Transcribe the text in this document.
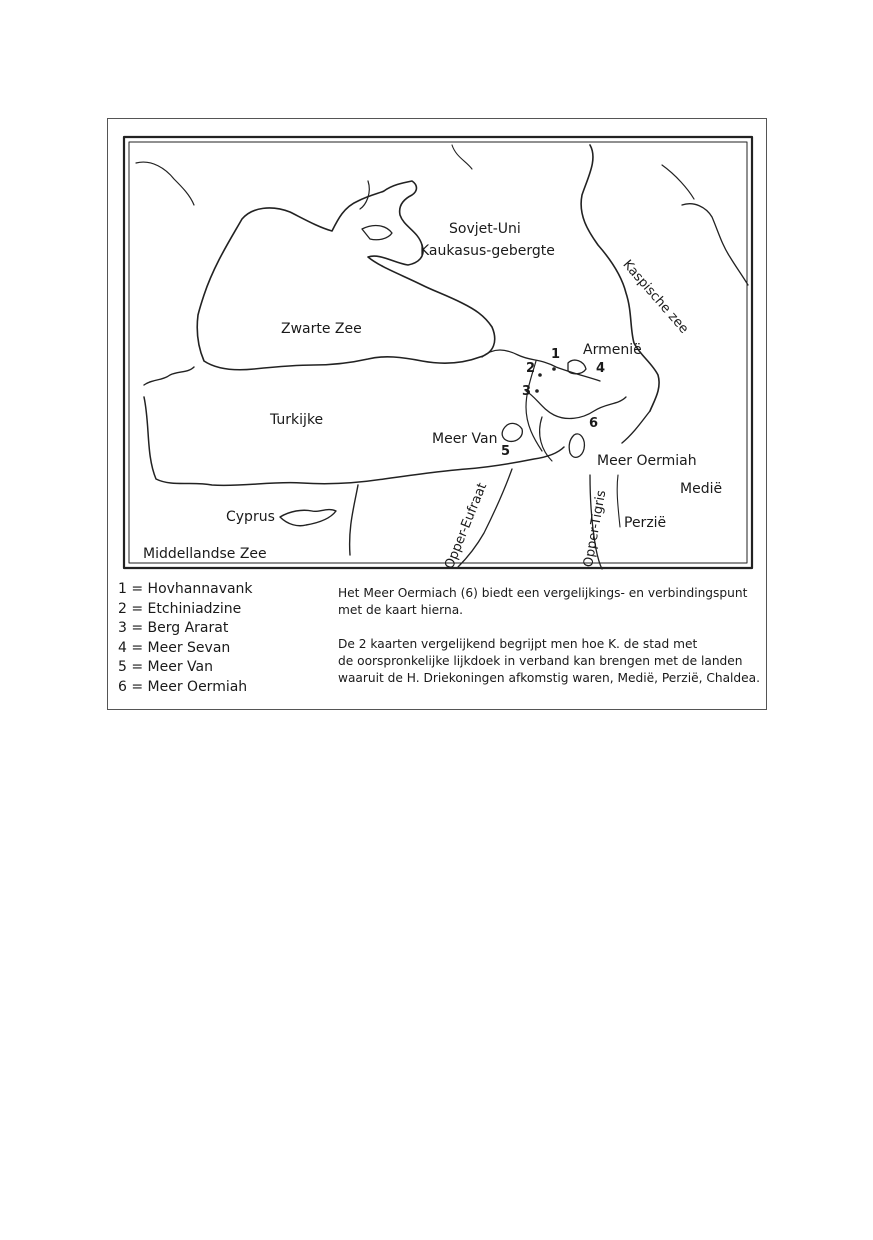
Sovjet-Uni
Kaukasus-gebergte
Zwarte Zee	Kaspische zee
Armenië
Turkijke
Meer Van
Meer Oermiah
Medië
Cyprus	Perzië
Middellandse Zee	Opper-Eufraat	Opper-Tigris
1
2
3
4
5
6
1 = Hovhannavank
2 = Etchiniadzine
3 = Berg Ararat
4 = Meer Sevan
5 = Meer Van
6 = Meer Oermiah
Het Meer Oermiach (6) biedt een vergelijkings- en verbindingspunt
met de kaart hierna.
De 2 kaarten vergelijkend begrijpt men hoe K. de stad met
de oorspronkelijke lijkdoek in verband kan brengen met de landen
waaruit de H. Driekoningen afkomstig waren, Medië, Perzië, Chaldea.
